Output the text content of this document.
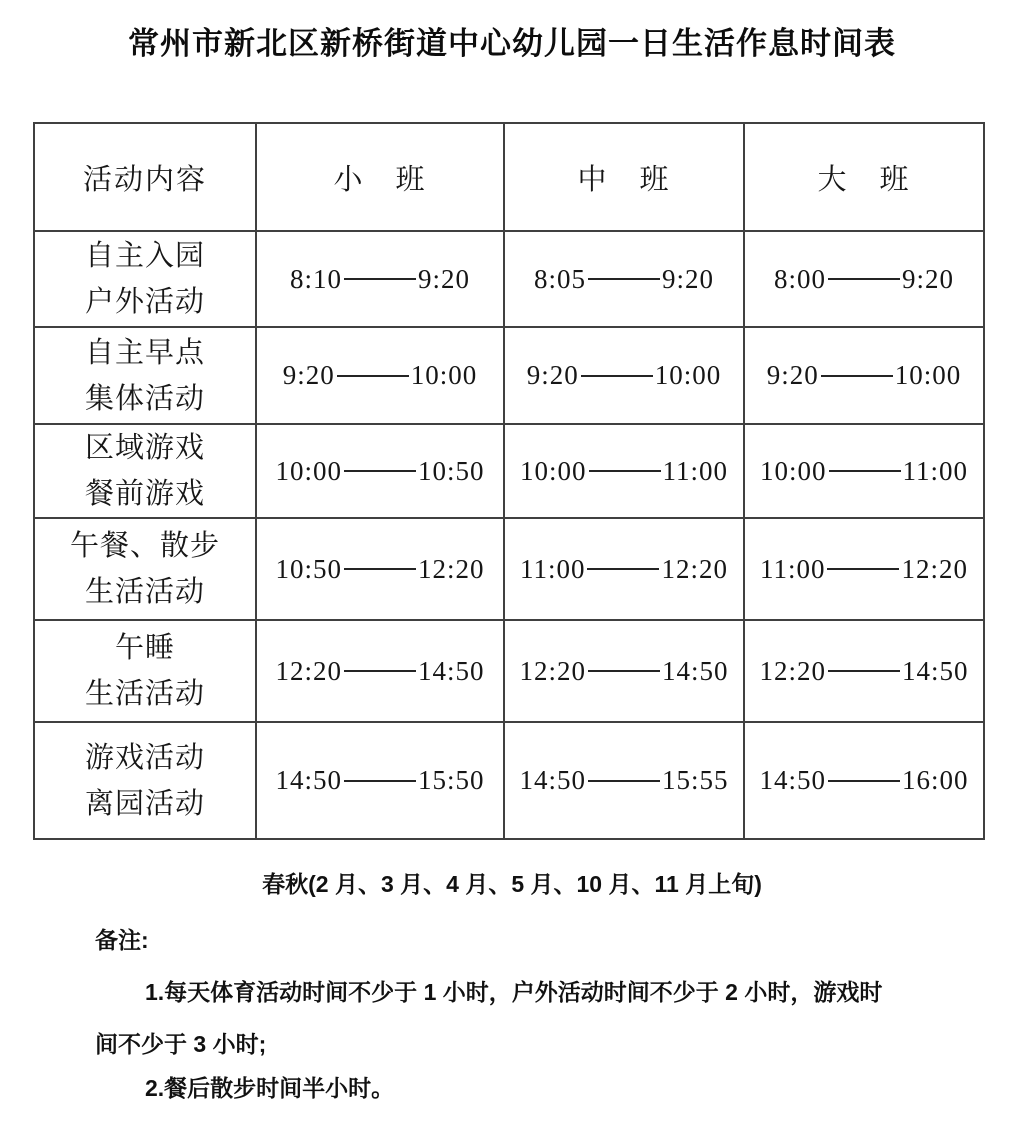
常州市新北区新桥街道中心幼儿园一日生活作息时间表
活动内容	小　班	中　班	大　班

自主入园
户外活动	8:10 9:20	8:05 9:20	8:00 9:20

自主早点
集体活动	9:20 10:00	9:20 10:00	9:20 10:00

区域游戏
餐前游戏	10:00 10:50	10:00 11:00	10:00 11:00

午餐、散步
生活活动	10:50 12:20	11:00 12:20	11:00 12:20

午睡
生活活动	12:20 14:50	12:20 14:50	12:20 14:50

游戏活动
离园活动	14:50 15:50	14:50 15:55	14:50 16:00
春秋(2 月、3 月、4 月、5 月、10 月、11 月上旬)
备注:
1.每天体育活动时间不少于 1 小时，户外活动时间不少于 2 小时，游戏时
间不少于 3 小时;
2.餐后散步时间半小时。
